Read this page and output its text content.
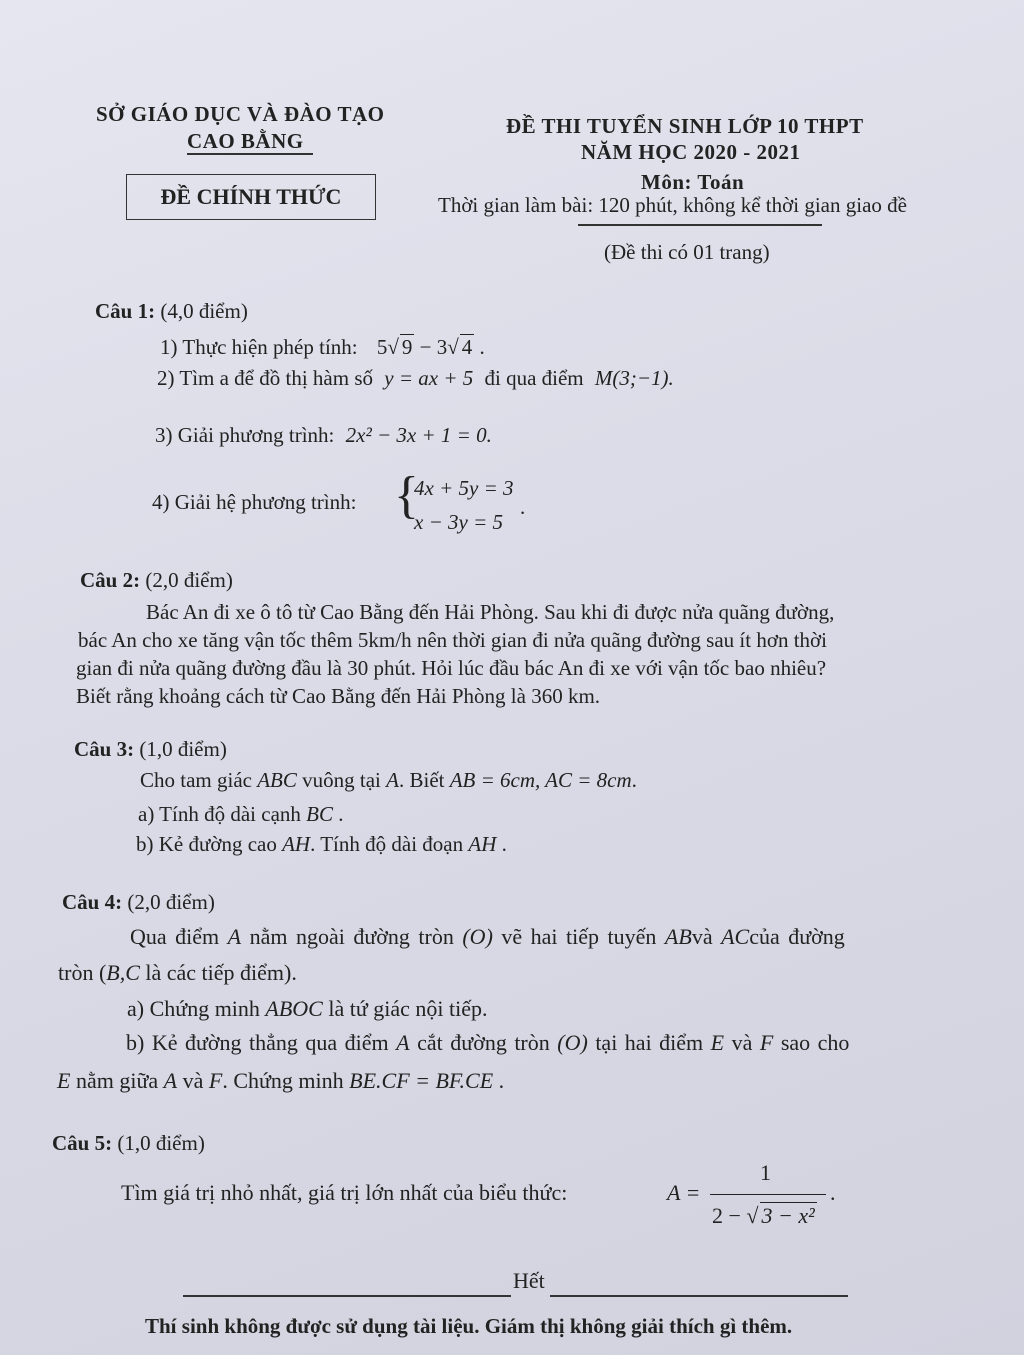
SỞ GIÁO DỤC VÀ ĐÀO TẠO
CAO BẰNG
ĐỀ CHÍNH THỨC
ĐỀ THI TUYỂN SINH LỚP 10 THPT
NĂM HỌC 2020 - 2021
Môn: Toán
Thời gian làm bài: 120 phút, không kể thời gian giao đề
(Đề thi có 01 trang)
Câu 1: (4,0 điểm)
1) Thực hiện phép tính: 5√ 9 − 3√ 4 .
2) Tìm a để đồ thị hàm số y = ax + 5 đi qua điểm M(3;−1).
3) Giải phương trình: 2x² − 3x + 1 = 0.
4) Giải hệ phương trình: {
4x + 5y = 3
x − 3y = 5
.
Câu 2: (2,0 điểm)
Bác An đi xe ô tô từ Cao Bằng đến Hải Phòng. Sau khi đi được nửa quãng đường,
bác An cho xe tăng vận tốc thêm 5km/h nên thời gian đi nửa quãng đường sau ít hơn thời
gian đi nửa quãng đường đầu là 30 phút. Hỏi lúc đầu bác An đi xe với vận tốc bao nhiêu?
Biết rằng khoảng cách từ Cao Bằng đến Hải Phòng là 360 km.
Câu 3: (1,0 điểm)
Cho tam giác ABC vuông tại A. Biết AB = 6cm, AC = 8cm.
a) Tính độ dài cạnh BC .
b) Kẻ đường cao AH. Tính độ dài đoạn AH .
Câu 4: (2,0 điểm)
Qua điểm A nằm ngoài đường tròn (O) vẽ hai tiếp tuyến ABvà ACcủa đường
tròn (B,C là các tiếp điểm).
a) Chứng minh ABOC là tứ giác nội tiếp.
b) Kẻ đường thẳng qua điểm A cắt đường tròn (O) tại hai điểm E và F sao cho
E nằm giữa A và F. Chứng minh BE.CF = BF.CE .
Câu 5: (1,0 điểm)
Tìm giá trị nhỏ nhất, giá trị lớn nhất của biểu thức:	A =
1
2 − √ 3 − x²
.
Hết
Thí sinh không được sử dụng tài liệu. Giám thị không giải thích gì thêm.
